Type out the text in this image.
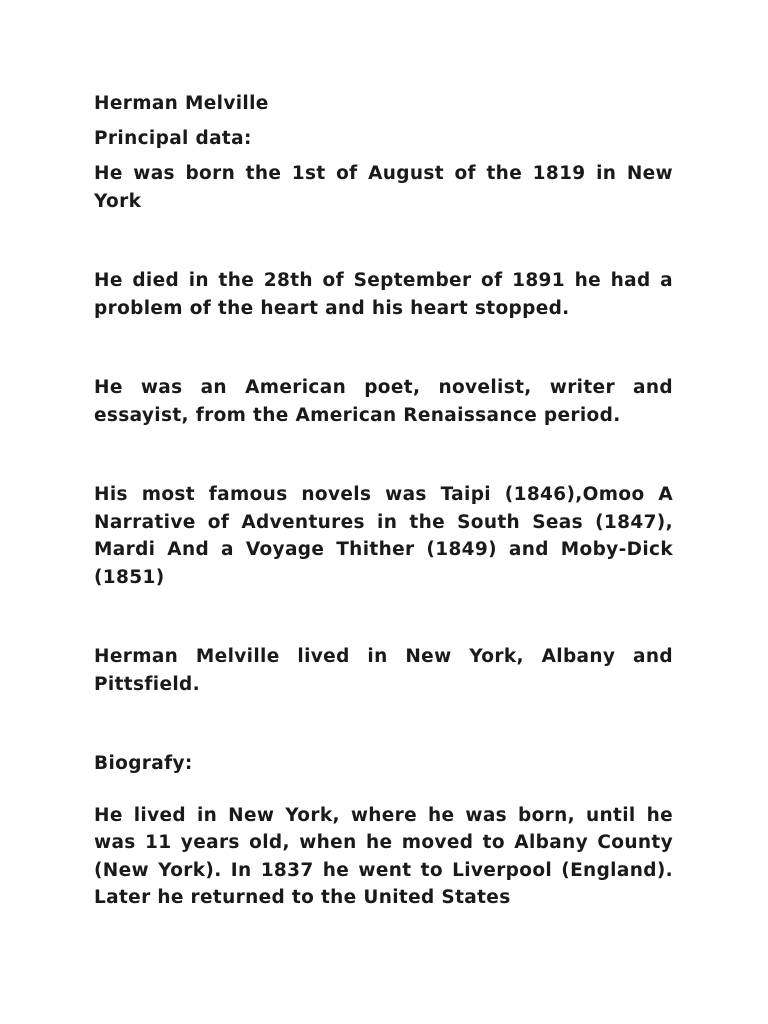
Herman Melville

Principal data:

He was born the 1st of August of the 1819 in New York

He died in the 28th of September of 1891 he had a problem of the heart and his heart stopped.

He was an American poet, novelist, writer and essayist, from the American Renaissance period.

His most famous novels was Taipi (1846),Omoo A Narrative of Adventures in the South Seas (1847), Mardi And a Voyage Thither (1849) and Moby-Dick (1851)

Herman Melville lived in New York, Albany and Pittsfield.

Biografy:

He lived in New York, where he was born, until he was 11 years old, when he moved to Albany County (New York). In 1837 he went to Liverpool (England). Later he returned to the United States
